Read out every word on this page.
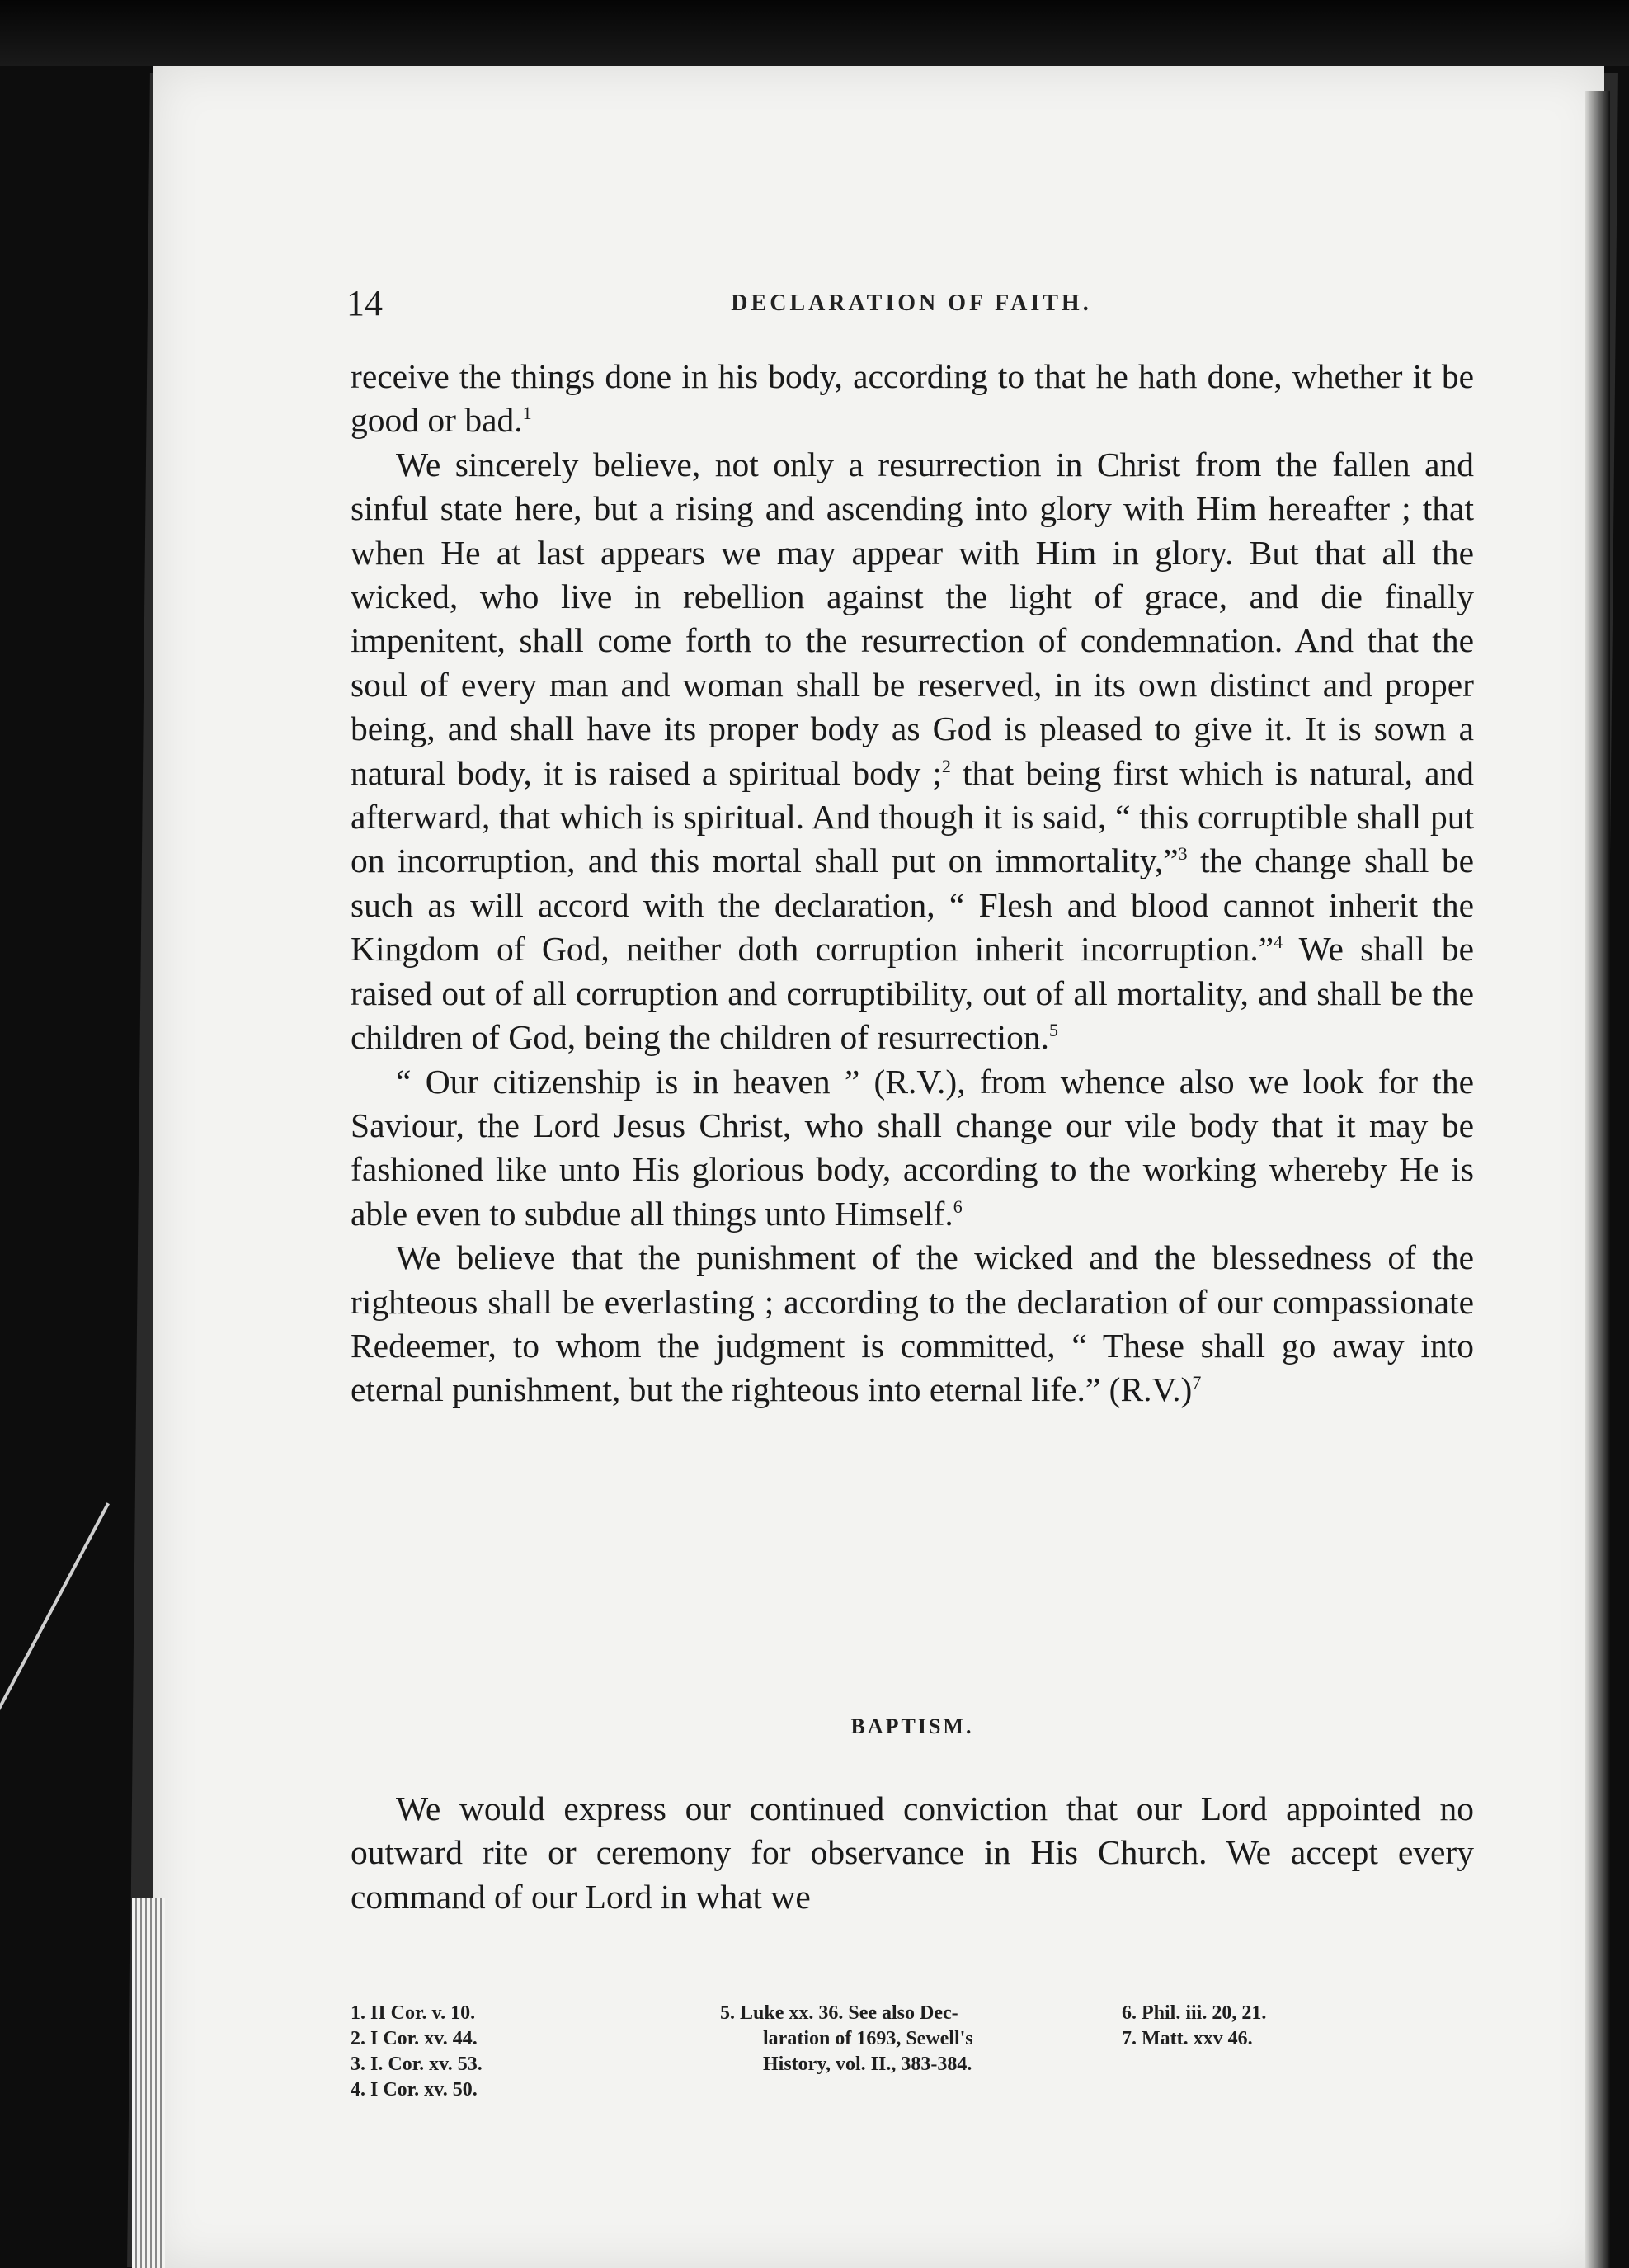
14	DECLARATION OF FAITH.

receive the things done in his body, according to that he hath done, whether it be good or bad.$^1$

We sincerely believe, not only a resurrection in Christ from the fallen and sinful state here, but a rising and ascending into glory with Him hereafter ; that when He at last appears we may appear with Him in glory. But that all the wicked, who live in rebellion against the light of grace, and die finally impenitent, shall come forth to the resurrection of condemnation. And that the soul of every man and woman shall be reserved, in its own distinct and proper being, and shall have its proper body as God is pleased to give it. It is sown a natural body, it is raised a spiritual body ;$^2$ that being first which is natural, and afterward, that which is spiritual. And though it is said, “ this corruptible shall put on incorruption, and this mortal shall put on immortality,”$^3$ the change shall be such as will accord with the declaration, “ Flesh and blood cannot inherit the Kingdom of God, neither doth corruption inherit incorruption.”$^4$ We shall be raised out of all corruption and corruptibility, out of all mortality, and shall be the children of God, being the children of resurrection.$^5$

“ Our citizenship is in heaven ” (R.V.), from whence also we look for the Saviour, the Lord Jesus Christ, who shall change our vile body that it may be fashioned like unto His glorious body, according to the working whereby He is able even to subdue all things unto Himself.$^6$

We believe that the punishment of the wicked and the blessedness of the righteous shall be everlasting ; according to the declaration of our compassionate Redeemer, to whom the judgment is committed, “ These shall go away into eternal punishment, but the righteous into eternal life.” $(R.V.)^7$

BAPTISM.

We would express our continued conviction that our Lord appointed no outward rite or ceremony for observance in His Church. We accept every command of our Lord in what we

1. II Cor. v. 10.
2. I Cor. xv. 44.
3. I. Cor. xv. 53.
4. I Cor. xv. 50.
5. Luke xx. 36. See also Dec-
laration of 1693, Sewell's
History, vol. II., 383-384.
6. Phil. iii. 20, 21.
7. Matt. xxv 46.
